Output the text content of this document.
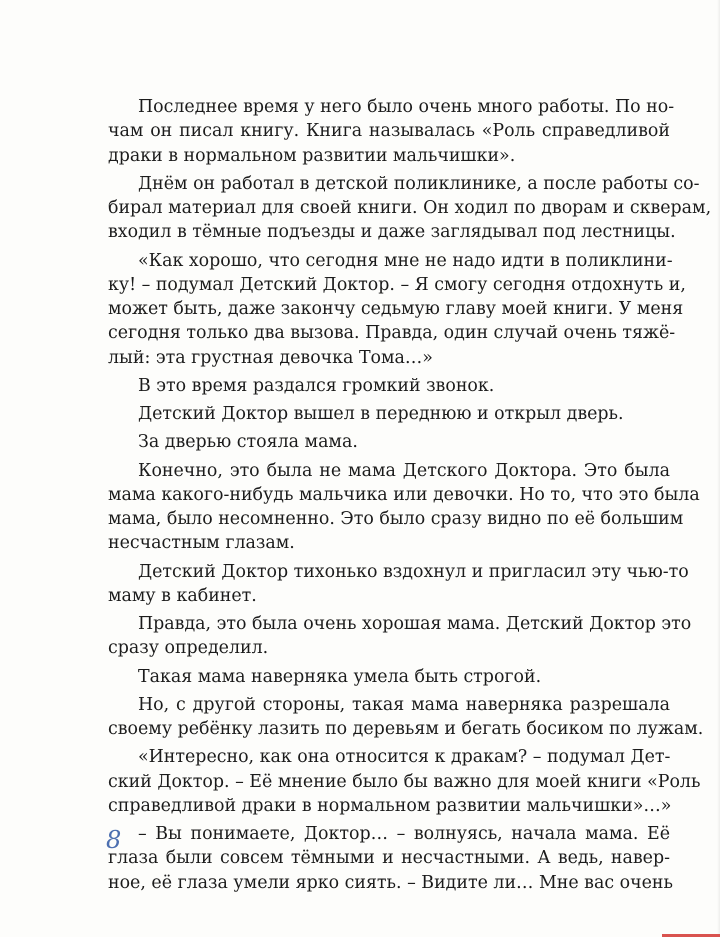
Последнее время у него было очень много работы. По но-
чам он писал книгу. Книга называлась «Роль справедливой
драки в нормальном развитии мальчишки».
Днём он работал в детской поликлинике, а после работы со-
бирал материал для своей книги. Он ходил по дворам и скверам,
входил в тёмные подъезды и даже заглядывал под лестницы.
«Как хорошо, что сегодня мне не надо идти в поликлини-
ку! – подумал Детский Доктор. – Я смогу сегодня отдохнуть и,
может быть, даже закончу седьмую главу моей книги. У меня
сегодня только два вызова. Правда, один случай очень тяжё-
лый: эта грустная девочка Тома…»
В это время раздался громкий звонок.
Детский Доктор вышел в переднюю и открыл дверь.
За дверью стояла мама.
Конечно, это была не мама Детского Доктора. Это была
мама какого-нибудь мальчика или девочки. Но то, что это была
мама, было несомненно. Это было сразу видно по её большим
несчастным глазам.
Детский Доктор тихонько вздохнул и пригласил эту чью-то
маму в кабинет.
Правда, это была очень хорошая мама. Детский Доктор это
сразу определил.
Такая мама наверняка умела быть строгой.
Но, с другой стороны, такая мама наверняка разрешала
своему ребёнку лазить по деревьям и бегать босиком по лужам.
«Интересно, как она относится к дракам? – подумал Дет-
ский Доктор. – Её мнение было бы важно для моей книги «Роль
справедливой драки в нормальном развитии мальчишки»…»
– Вы понимаете, Доктор… – волнуясь, начала мама. Её
глаза были совсем тёмными и несчастными. А ведь, навер-
ное, её глаза умели ярко сиять. – Видите ли… Мне вас очень
8
